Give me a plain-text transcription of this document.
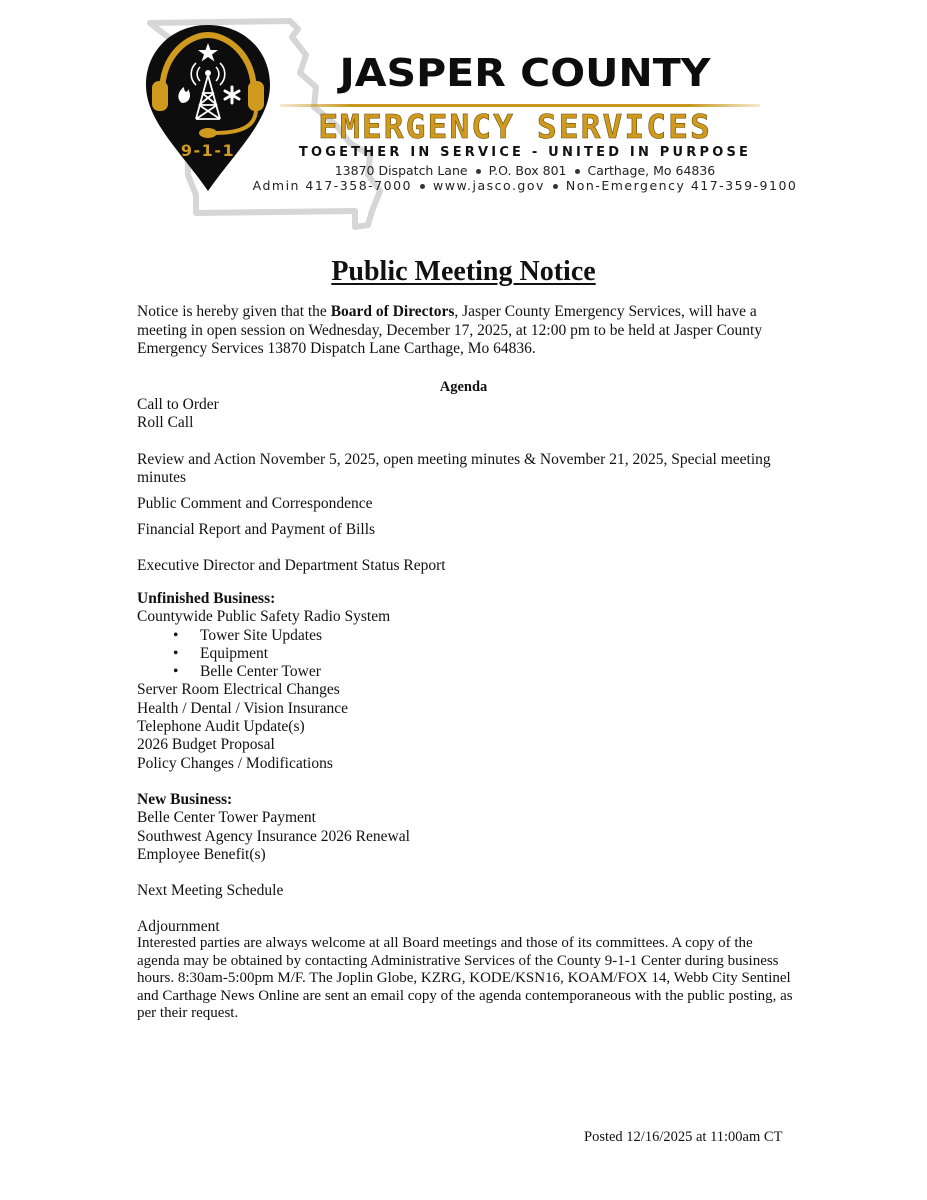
9-1-1
JASPER COUNTY
EMERGENCY SERVICES
TOGETHER IN SERVICE - UNITED IN PURPOSE
13870 Dispatch Lane P.O. Box 801 Carthage, Mo 64836
Admin 417-358-7000 www.jasco.gov Non-Emergency 417-359-9100
Public Meeting Notice

Notice is hereby given that the Board of Directors, Jasper County Emergency Services, will have a meeting in open session on Wednesday, December 17, 2025, at 12:00 pm to be held at Jasper County Emergency Services 13870 Dispatch Lane Carthage, Mo 64836.

Agenda
Call to Order
Roll Call
Review and Action November 5, 2025, open meeting minutes & November 21, 2025, Special meeting
minutes
Public Comment and Correspondence
Financial Report and Payment of Bills
Executive Director and Department Status Report
Unfinished Business:
Countywide Public Safety Radio System
• Tower Site Updates
• Equipment
• Belle Center Tower
Server Room Electrical Changes
Health / Dental / Vision Insurance
Telephone Audit Update(s)
2026 Budget Proposal
Policy Changes / Modifications
New Business:
Belle Center Tower Payment
Southwest Agency Insurance 2026 Renewal
Employee Benefit(s)
Next Meeting Schedule
Adjournment

Interested parties are always welcome at all Board meetings and those of its committees. A copy of the agenda may be obtained by contacting Administrative Services of the County 9-1-1 Center during business hours. 8:30am-5:00pm M/F. The Joplin Globe, KZRG, KODE/KSN16, KOAM/FOX 14, Webb City Sentinel and Carthage News Online are sent an email copy of the agenda contemporaneous with the public posting, as per their request.

Posted 12/16/2025 at 11:00am CT
